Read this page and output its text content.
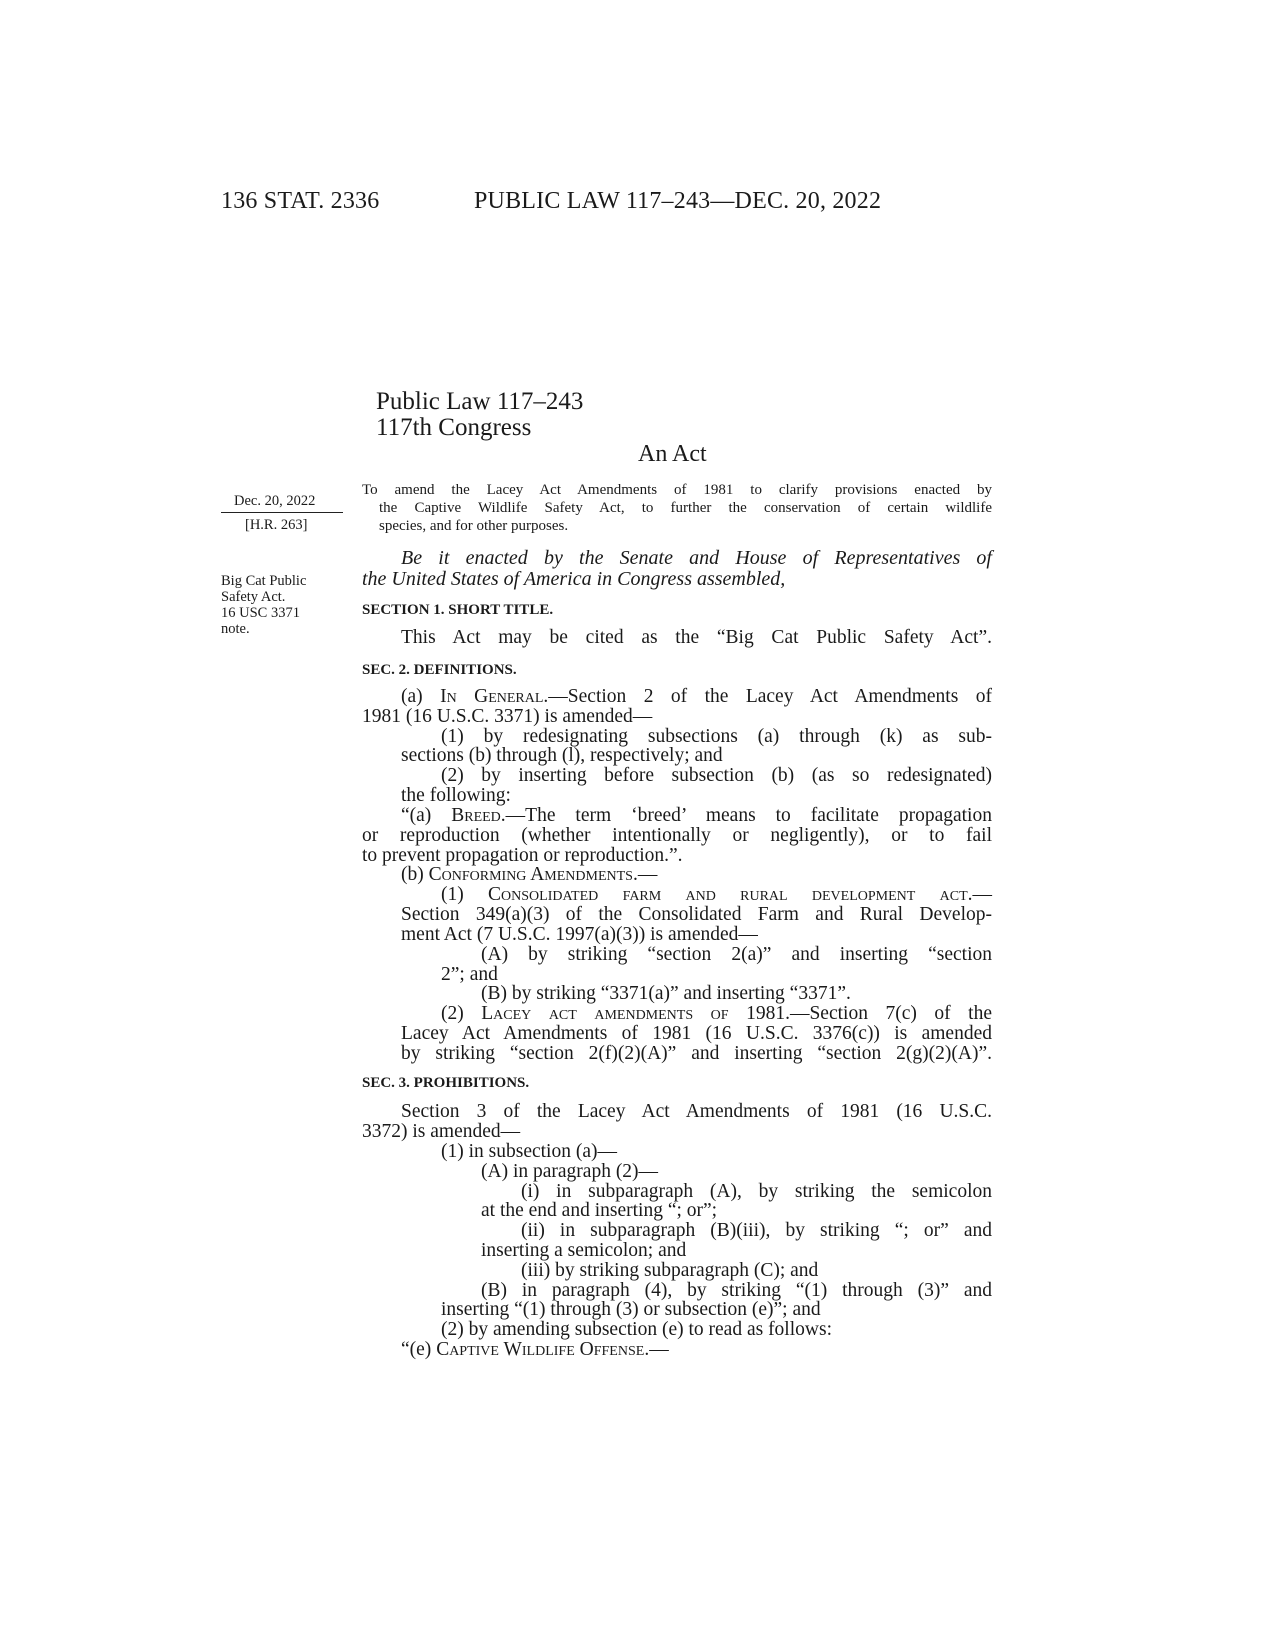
136 STAT. 2336	PUBLIC LAW 117–243—DEC. 20, 2022
Public Law 117–243
117th Congress
An Act
Dec. 20, 2022
[H.R. 263]
Big Cat Public
Safety Act.
16 USC 3371
note.
To amend the Lacey Act Amendments of 1981 to clarify provisions enacted by
the Captive Wildlife Safety Act, to further the conservation of certain wildlife
species, and for other purposes.
Be it enacted by the Senate and House of Representatives of
the United States of America in Congress assembled,
SECTION 1. SHORT TITLE.
This Act may be cited as the “Big Cat Public Safety Act”.
SEC. 2. DEFINITIONS.
(a) In General.—Section 2 of the Lacey Act Amendments of
1981 (16 U.S.C. 3371) is amended—
(1) by redesignating subsections (a) through (k) as sub-
sections (b) through (l), respectively; and
(2) by inserting before subsection (b) (as so redesignated)
the following:
“(a) Breed.—The term ‘breed’ means to facilitate propagation
or reproduction (whether intentionally or negligently), or to fail
to prevent propagation or reproduction.”.
(b) Conforming Amendments.—
(1) Consolidated farm and rural development act.—
Section 349(a)(3) of the Consolidated Farm and Rural Develop-
ment Act (7 U.S.C. 1997(a)(3)) is amended—
(A) by striking “section 2(a)” and inserting “section
2”; and
(B) by striking “3371(a)” and inserting “3371”.
(2) Lacey act amendments of 1981.—Section 7(c) of the
Lacey Act Amendments of 1981 (16 U.S.C. 3376(c)) is amended
by striking “section 2(f)(2)(A)” and inserting “section 2(g)(2)(A)”.
SEC. 3. PROHIBITIONS.
Section 3 of the Lacey Act Amendments of 1981 (16 U.S.C.
3372) is amended—
(1) in subsection (a)—
(A) in paragraph (2)—
(i) in subparagraph (A), by striking the semicolon
at the end and inserting “; or”;
(ii) in subparagraph (B)(iii), by striking “; or” and
inserting a semicolon; and
(iii) by striking subparagraph (C); and
(B) in paragraph (4), by striking “(1) through (3)” and
inserting “(1) through (3) or subsection (e)”; and
(2) by amending subsection (e) to read as follows:
“(e) Captive Wildlife Offense.—
